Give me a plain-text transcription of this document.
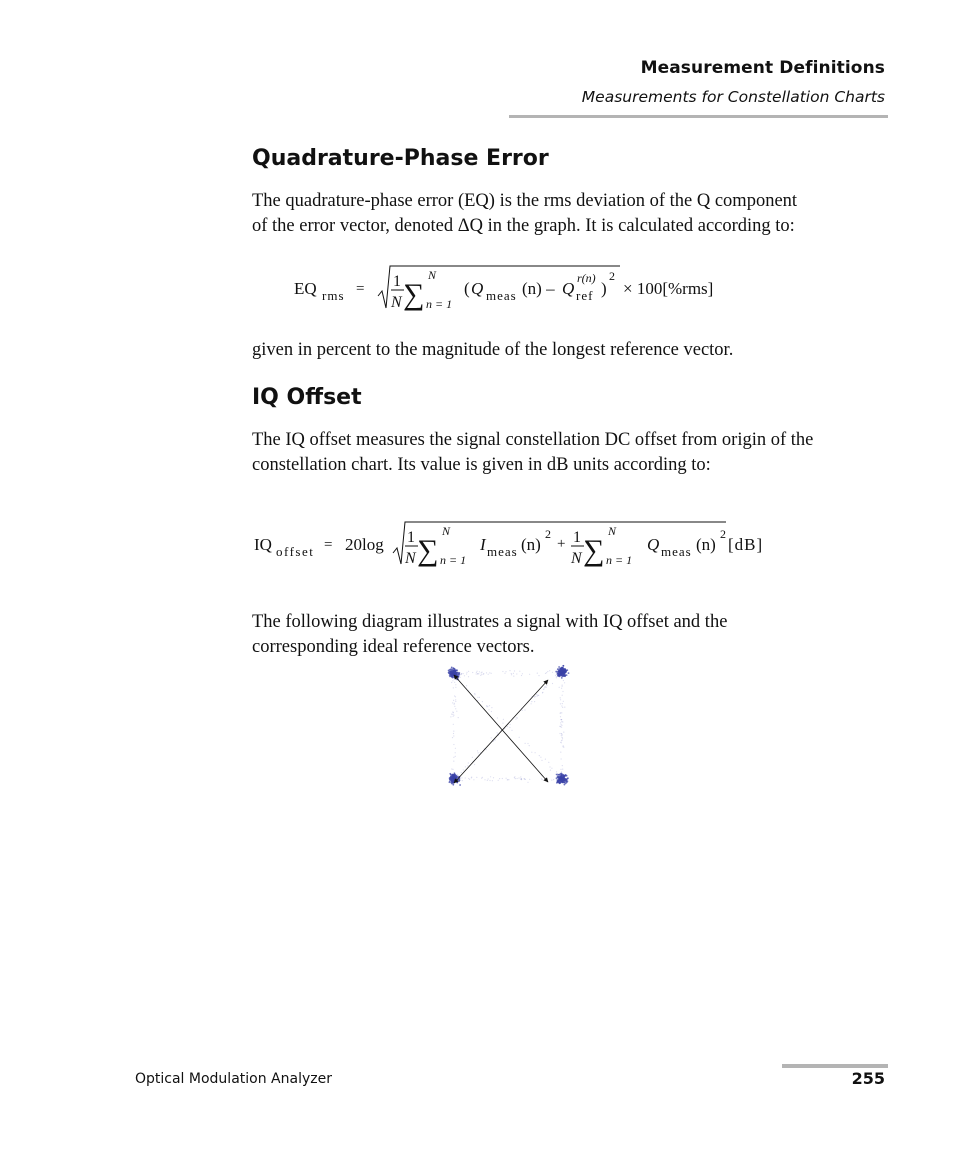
Measurement Definitions
Measurements for Constellation Charts
Quadrature-Phase Error

The quadrature-phase error (EQ) is the rms deviation of the Q component

of the error vector, denoted ΔQ in the graph. It is calculated according to:

EQ rms = 1
N ∑
N
n = 1
( Q meas (n) – Q
r(n)
ref )
2
× 100[%rms]

given in percent to the magnitude of the longest reference vector.

IQ Offset

The IQ offset measures the signal constellation DC offset from origin of the

constellation chart. Its value is given in dB units according to:

IQ offset = 20log 1
N ∑
N
n = 1
I meas (n)
2
+ 1
N ∑
N
n = 1
Q meas (n)
2
[dB]

The following diagram illustrates a signal with IQ offset and the

corresponding ideal reference vectors.

Optical Modulation Analyzer	255
